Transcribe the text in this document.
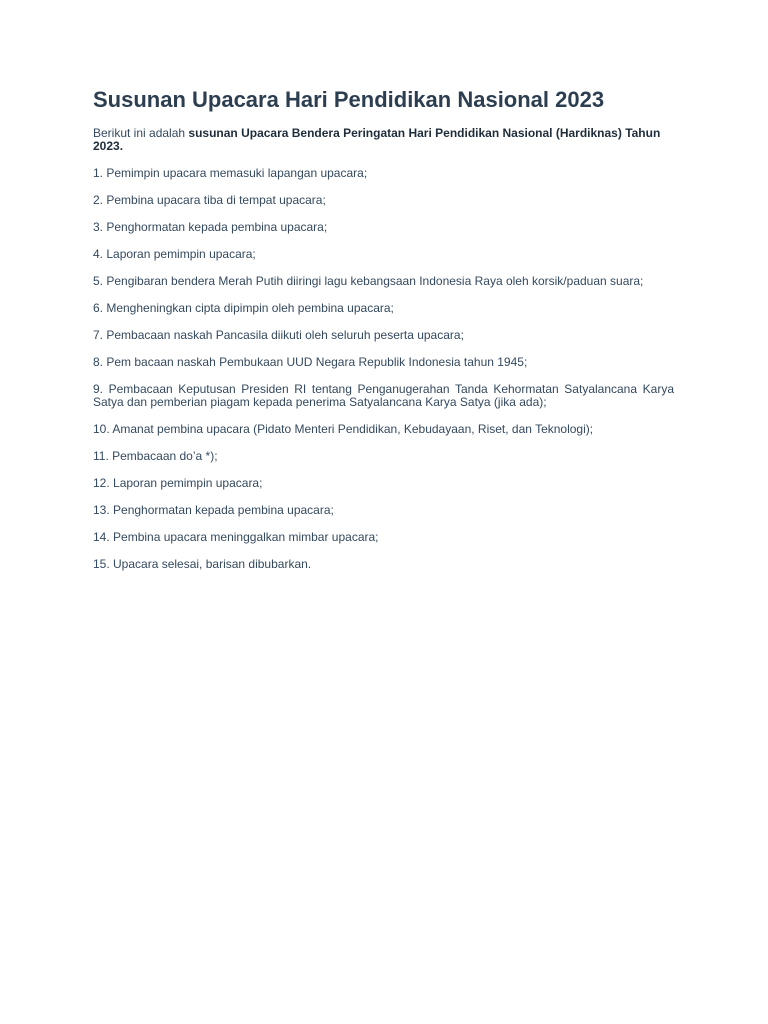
Susunan Upacara Hari Pendidikan Nasional 2023

Berikut ini adalah susunan Upacara Bendera Peringatan Hari Pendidikan Nasional (Hardiknas) Tahun 2023.

1. Pemimpin upacara memasuki lapangan upacara;

2. Pembina upacara tiba di tempat upacara;

3. Penghormatan kepada pembina upacara;

4. Laporan pemimpin upacara;

5. Pengibaran bendera Merah Putih diiringi lagu kebangsaan Indonesia Raya oleh korsik/paduan suara;

6. Mengheningkan cipta dipimpin oleh pembina upacara;

7. Pembacaan naskah Pancasila diikuti oleh seluruh peserta upacara;

8. Pem bacaan naskah Pembukaan UUD Negara Republik Indonesia tahun 1945;

9. Pembacaan Keputusan Presiden RI tentang Penganugerahan Tanda Kehormatan Satyalancana Karya Satya dan pemberian piagam kepada penerima Satyalancana Karya Satya (jika ada);

10. Amanat pembina upacara (Pidato Menteri Pendidikan, Kebudayaan, Riset, dan Teknologi);

11. Pembacaan do’a *);

12. Laporan pemimpin upacara;

13. Penghormatan kepada pembina upacara;

14. Pembina upacara meninggalkan mimbar upacara;

15. Upacara selesai, barisan dibubarkan.
